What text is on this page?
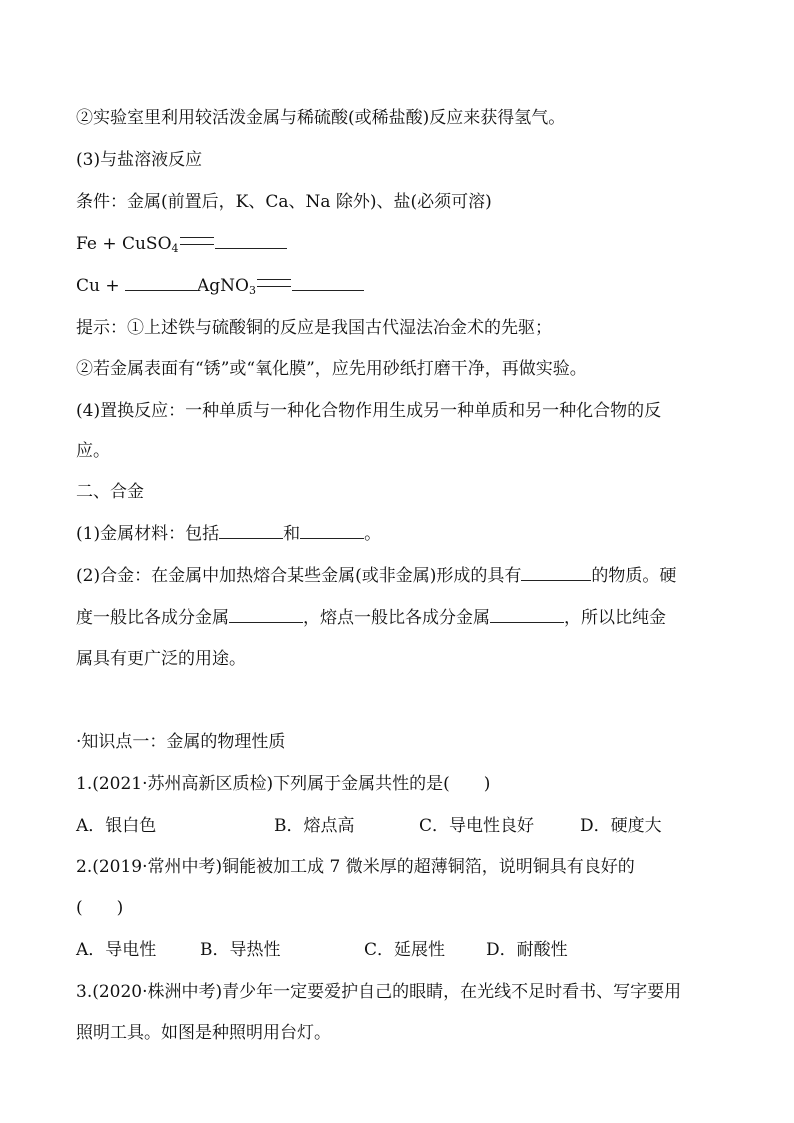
②实验室里利用较活泼金属与稀硫酸(或稀盐酸)反应来获得氢气。
(3)与盐溶液反应
条件：金属(前置后，K、Ca、Na 除外)、盐(必须可溶)
Fe + CuSO$_4$
Cu +	AgNO$_3$
提示：①上述铁与硫酸铜的反应是我国古代湿法冶金术的先驱；
②若金属表面有“锈”或“氧化膜”，应先用砂纸打磨干净，再做实验。
(4)置换反应：一种单质与一种化合物作用生成另一种单质和另一种化合物的反
应。
二、合金
(1)金属材料：包括	和	。
(2)合金：在金属中加热熔合某些金属(或非金属)形成的具有	的物质。硬
度一般比各成分金属	，熔点一般比各成分金属	，所以比纯金
属具有更广泛的用途。
·知识点一：金属的物理性质
1.(2021·苏州高新区质检)下列属于金属共性的是(　　)
A．银白色	B．熔点高	C．导电性良好	D．硬度大
2.(2019·常州中考)铜能被加工成 7 微米厚的超薄铜箔，说明铜具有良好的
(　　)
A．导电性	B．导热性	C．延展性 D．耐酸性
3.(2020·株洲中考)青少年一定要爱护自己的眼睛，在光线不足时看书、写字要用
照明工具。如图是种照明用台灯。
